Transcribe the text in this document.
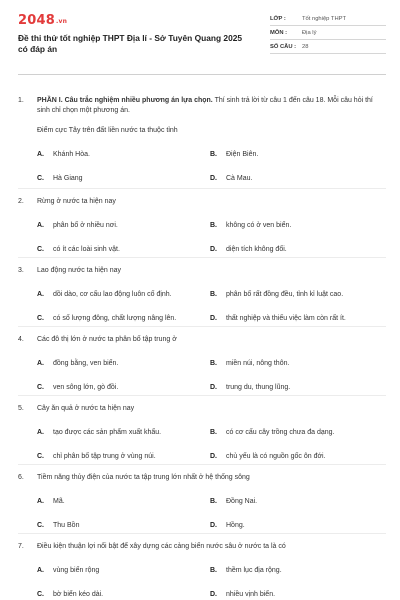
2048.vn
Đề thi thử tốt nghiệp THPT Địa lí - Sở Tuyên Quang 2025 có đáp án
LỚP :	Tốt nghiệp THPT
MÔN :	Địa lý
SỐ CÂU :	28
1.	PHẦN I. Câu trắc nghiệm nhiều phương án lựa chọn. Thí sinh trả lời từ câu 1 đến câu 18. Mỗi câu hỏi thí sinh chỉ chọn một phương án.
Điểm cực Tây trên đất liền nước ta thuộc tỉnh
A.	Khánh Hòa.	B.	Điện Biên.
C.	Hà Giang	D.	Cà Mau.
2.	Rừng ở nước ta hiện nay
A.	phân bố ở nhiều nơi.	B.	không có ở ven biển.
C.	có ít các loài sinh vật.	D.	diện tích không đổi.
3.	Lao động nước ta hiện nay
A.	dồi dào, cơ cấu lao động luôn cố định.	B.	phân bố rất đồng đều, tỉnh kỉ luật cao.
C.	có số lượng đông, chất lượng nâng lên.	D.	thất nghiệp và thiếu việc làm còn rất ít.
4.	Các đô thị lớn ở nước ta phân bố tập trung ở
A.	đồng bằng, ven biển.	B.	miền núi, nông thôn.
C.	ven sông lớn, gò đồi.	D.	trung du, thung lũng.
5.	Cây ăn quả ở nước ta hiện nay
A.	tạo được các sản phẩm xuất khẩu.	B.	có cơ cấu cây trồng chưa đa dạng.
C.	chỉ phân bố tập trung ở vùng núi.	D.	chủ yếu là có nguồn gốc ôn đới.
6.	Tiềm năng thủy điện của nước ta tập trung lớn nhất ở hệ thống sông
A.	Mã.	B.	Đồng Nai.
C.	Thu Bồn	D.	Hồng.
7.	Điều kiện thuận lợi nổi bật để xây dựng các cảng biển nước sâu ở nước ta là có
A.	vùng biển rộng	B.	thềm lục địa rộng.
C.	bờ biển kéo dài.	D.	nhiều vịnh biển.
